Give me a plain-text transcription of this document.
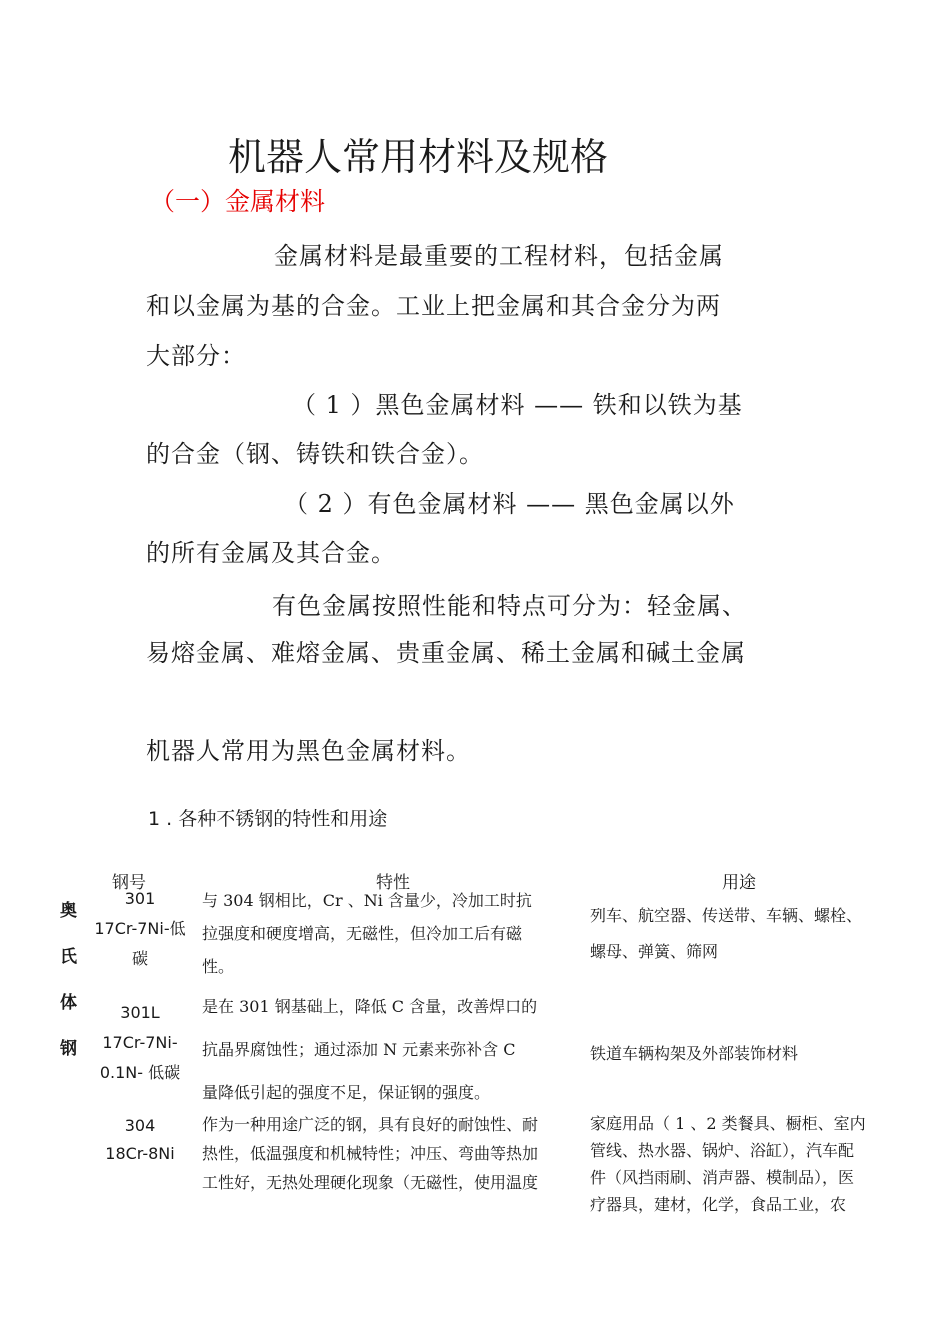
机器人常用材料及规格
（一）金属材料
金属材料是最重要的工程材料，包括金属
和以金属为基的合金。工业上把金属和其合金分为两
大部分：
（ 1 ）黑色金属材料 —— 铁和以铁为基
的合金（钢、铸铁和铁合金）。
（ 2 ）有色金属材料 —— 黑色金属以外
的所有金属及其合金。
有色金属按照性能和特点可分为：轻金属、
易熔金属、难熔金属、贵重金属、稀土金属和碱土金属
机器人常用为黑色金属材料。
1 . 各种不锈钢的特性和用途
钢号	特性	用途
奥
氏
体
钢
301
17Cr-7Ni-低
碳
与 304 钢相比，Cr 、Ni 含量少，冷加工时抗
拉强度和硬度增高，无磁性，但冷加工后有磁
性。
列车、航空器、传送带、车辆、螺栓、
螺母、弹簧、筛网
301L
17Cr-7Ni-
0.1N- 低碳
是在 301 钢基础上，降低 C 含量，改善焊口的
抗晶界腐蚀性；通过添加 N 元素来弥补含 C
量降低引起的强度不足，保证钢的强度。
铁道车辆构架及外部装饰材料
304
18Cr-8Ni
作为一种用途广泛的钢，具有良好的耐蚀性、耐
热性，低温强度和机械特性；冲压、弯曲等热加
工性好，无热处理硬化现象（无磁性，使用温度
家庭用品（ 1 、2 类餐具、橱柜、室内
管线、热水器、锅炉、浴缸），汽车配
件（风挡雨刷、消声器、模制品），医
疗器具，建材，化学，食品工业，农
